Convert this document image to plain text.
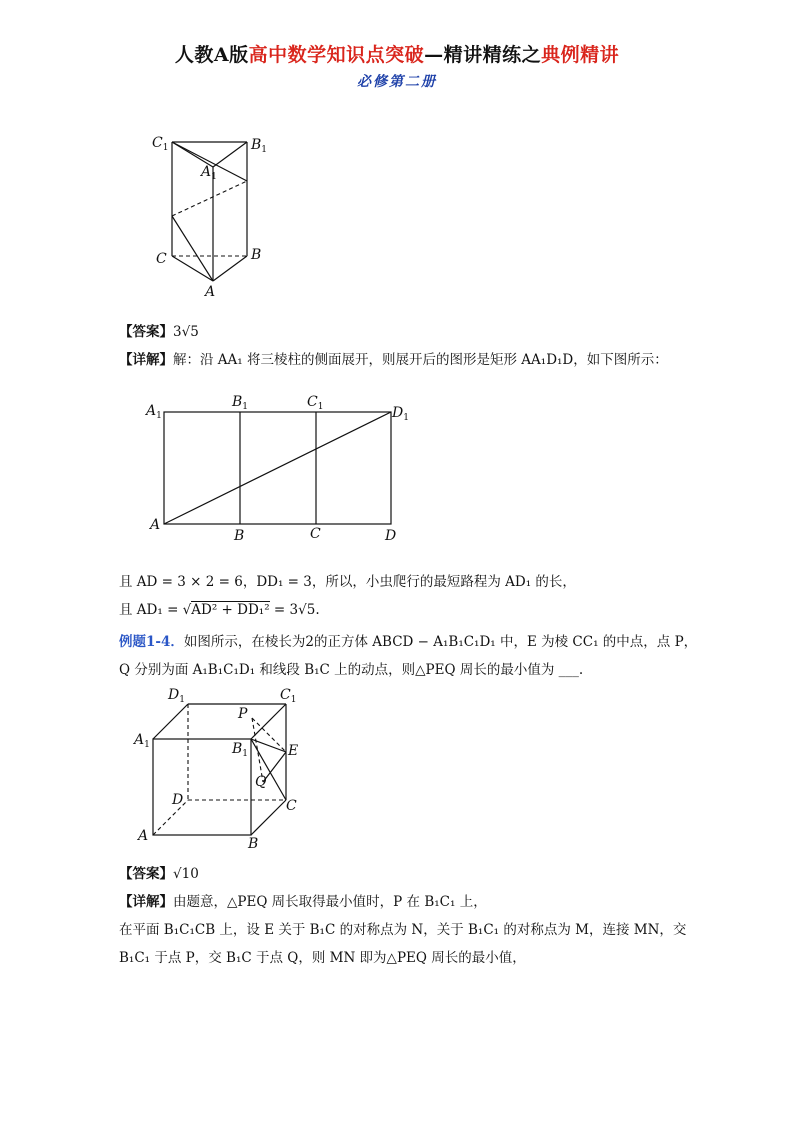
人教A版高中数学知识点突破—精讲精练之典例精讲
必修第二册
$C_1$	$B_1$
$A_1$
C	B
A
【答案】3√5
【详解】解：沿 AA₁ 将三棱柱的侧面展开，则展开后的图形是矩形 AA₁D₁D，如下图所示：
$A_1$
$B_1$	$C_1$	$D_1$
A
B	C	D
且 AD = 3 × 2 = 6，DD₁ = 3，所以，小虫爬行的最短路程为 AD₁ 的长，
且 AD₁ = √AD² + DD₁² = 3√5.
例题1-4．如图所示，在棱长为2的正方体 ABCD − A₁B₁C₁D₁ 中，E 为棱 CC₁ 的中点，点 P，
Q 分别为面 A₁B₁C₁D₁ 和线段 B₁C 上的动点，则△PEQ 周长的最小值为 ___.
$D_1$	$C_1$
$A_1$	$B_1$
P
E
Q
D	C
A	B
【答案】√10
【详解】由题意，△PEQ 周长取得最小值时，P 在 B₁C₁ 上，
在平面 B₁C₁CB 上，设 E 关于 B₁C 的对称点为 N，关于 B₁C₁ 的对称点为 M，连接 MN，交
B₁C₁ 于点 P，交 B₁C 于点 Q，则 MN 即为△PEQ 周长的最小值，
